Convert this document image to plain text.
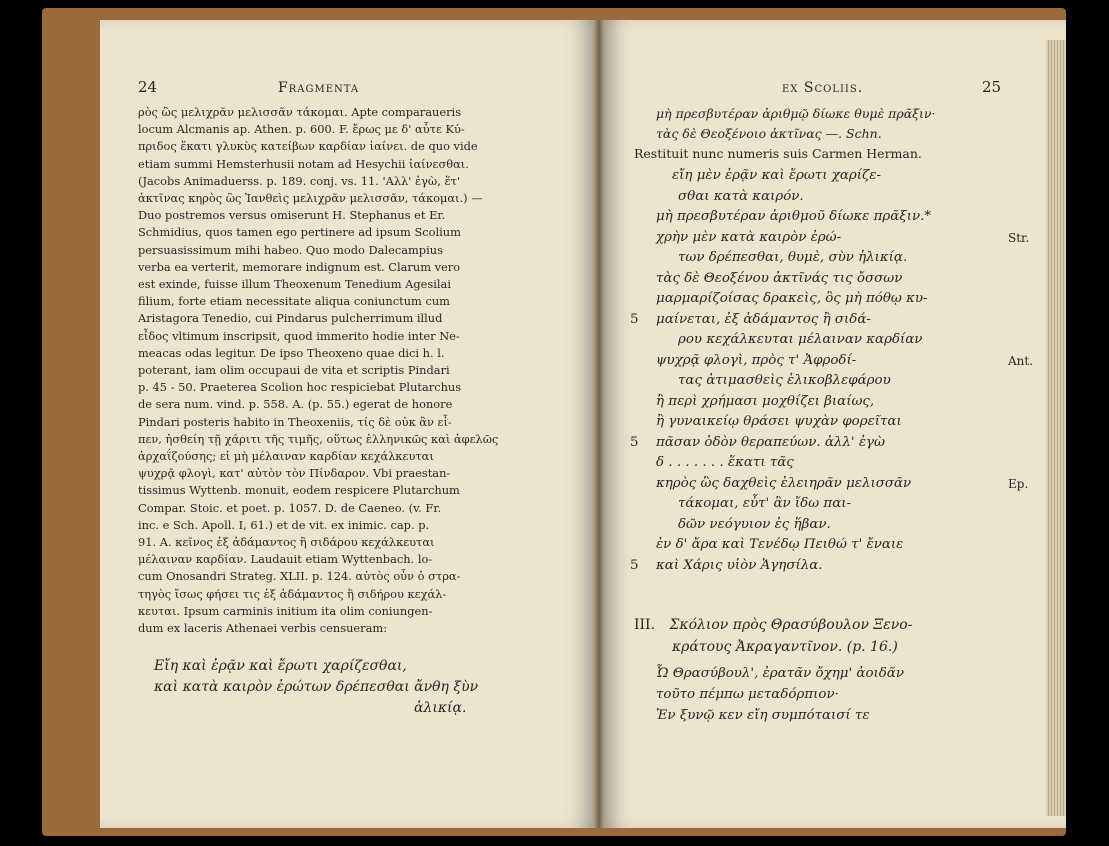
24	Fragmenta
ρὸς ὣς μελιχρᾶν μελισσᾶν τάκομαι. Apte comparaueris
locum Alcmanis ap. Athen. p. 600. F. ἔρως με δ' αὖτε Κύ-
πριδος ἕκατι γλυκὺς κατείβων καρδίαν ἰαίνει. de quo vide
etiam summi Hemsterhusii notam ad Hesychii ἰαίνεσθαι.
(Jacobs Animaduerss. p. 189. conj. vs. 11. 'Αλλ' ἐγὼ, ἕτ'
ἀκτῖνας κηρὸς ὣς Ἰανθεὶς μελιχρᾶν μελισσᾶν, τάκομαι.) —
Duo postremos versus omiserunt H. Stephanus et Er.
Schmidius, quos tamen ego pertinere ad ipsum Scolium
persuasissimum mihi habeo. Quo modo Dalecampius
verba ea verterit, memorare indignum est. Clarum vero
est exinde, fuisse illum Theoxenum Tenedium Agesilai
filium, forte etiam necessitate aliqua coniunctum cum
Aristagora Tenedio, cui Pindarus pulcherrimum illud
εἶδος vltimum inscripsit, quod immerito hodie inter Ne-
meacas odas legitur. De ipso Theoxeno quae dici h. l.
poterant, iam olim occupaui de vita et scriptis Pindari
p. 45 - 50. Praeterea Scolion hoc respiciebat Plutarchus
de sera num. vind. p. 558. A. (p. 55.) egerat de honore
Pindari posteris habito in Theoxeniis, τίς δὲ οὐκ ἂν εἶ-
πεν, ἡσθείη τῇ χάριτι τῆς τιμῆς, οὕτως ἑλληνικῶς καὶ ἀφελῶς
ἀρχαΐζούσης; εἰ μὴ μέλαιναν καρδίαν κεχάλκευται
ψυχρᾷ φλογὶ, κατ' αὐτὸν τὸν Πίνδαρον. Vbi praestan-
tissimus Wyttenb. monuit, eodem respicere Plutarchum
Compar. Stoic. et poet. p. 1057. D. de Caeneo. (v. Fr.
inc. e Sch. Apoll. I, 61.) et de vit. ex inimic. cap. p.
91. A. κεῖνος ἐξ ἀδάμαντος ἢ σιδάρου κεχάλκευται
μέλαιναν καρδίαν. Laudauit etiam Wyttenbach. lo-
cum Onosandri Strateg. XLII. p. 124. αὐτὸς οὖν ὁ στρα-
τηγὸς ἴσως φήσει τις ἐξ ἀδάμαντος ἢ σιδήρου κεχάλ-
κευται. Ipsum carminis initium ita olim coniungen-
dum ex laceris Athenaei verbis censueram:
Εἴη καὶ ἐρᾷν καὶ ἔρωτι χαρίζεσθαι,
καὶ κατὰ καιρὸν ἐρώτων δρέπεσθαι ἄνθη ξὺν
ἁλικίᾳ.
ex Scoliis.	25
μὴ πρεσβυτέραν ἀριθμῷ δίωκε θυμὲ πρᾶξιν·
τὰς δὲ Θεοξένοιο ἀκτῖνας —. Schn.
Restituit nunc numeris suis Carmen Herman.
εἴη μὲν ἐρᾷν καὶ ἔρωτι χαρίζε-
σθαι κατὰ καιρόν.
μὴ πρεσβυτέραν ἀριθμοῦ δίωκε πρᾶξιν.*
χρὴν μὲν κατὰ καιρὸν ἐρώ-	Str.
των δρέπεσθαι, θυμὲ, σὺν ἡλικίᾳ.
τὰς δὲ Θεοξένου ἀκτῖνάς τις ὄσσων
μαρμαρίζοίσας δρακεὶς, ὃς μὴ πόθῳ κυ-
5 μαίνεται, ἐξ ἀδάμαντος ἢ σιδά-
ρου κεχάλκευται μέλαιναν καρδίαν
ψυχρᾷ φλογὶ, πρὸς τ' Ἀφροδί-	Ant.
τας ἀτιμασθεὶς ἑλικοβλεφάρου
ἢ περὶ χρήμασι μοχθίζει βιαίως,
ἢ γυναικείῳ θράσει ψυχὰν φορεῖται
5 πᾶσαν ὁδὸν θεραπεύων. ἀλλ' ἐγὼ
δ . . . . . . . ἕκατι τᾶς
κηρὸς ὣς δαχθεὶς ἑλειηρᾶν μελισσᾶν	Ep.
τάκομαι, εὖτ' ἂν ἴδω παι-
δῶν νεόγυιον ἐς ἥβαν.
ἐν δ' ἄρα καὶ Τενέδῳ Πειθώ τ' ἔναιε
5 καὶ Χάρις υἱὸν Ἁγησίλα.
III. Σκόλιον πρὸς Θρασύβουλον Ξενο-
κράτους Ἀκραγαντῖνον. (p. 16.)
Ὦ Θρασύβουλ', ἐρατᾶν ὄχημ' ἀοιδᾶν
τοῦτο πέμπω μεταδόρπιον·
Ἐν ξυνῷ κεν εἴη συμπόταισί τε
